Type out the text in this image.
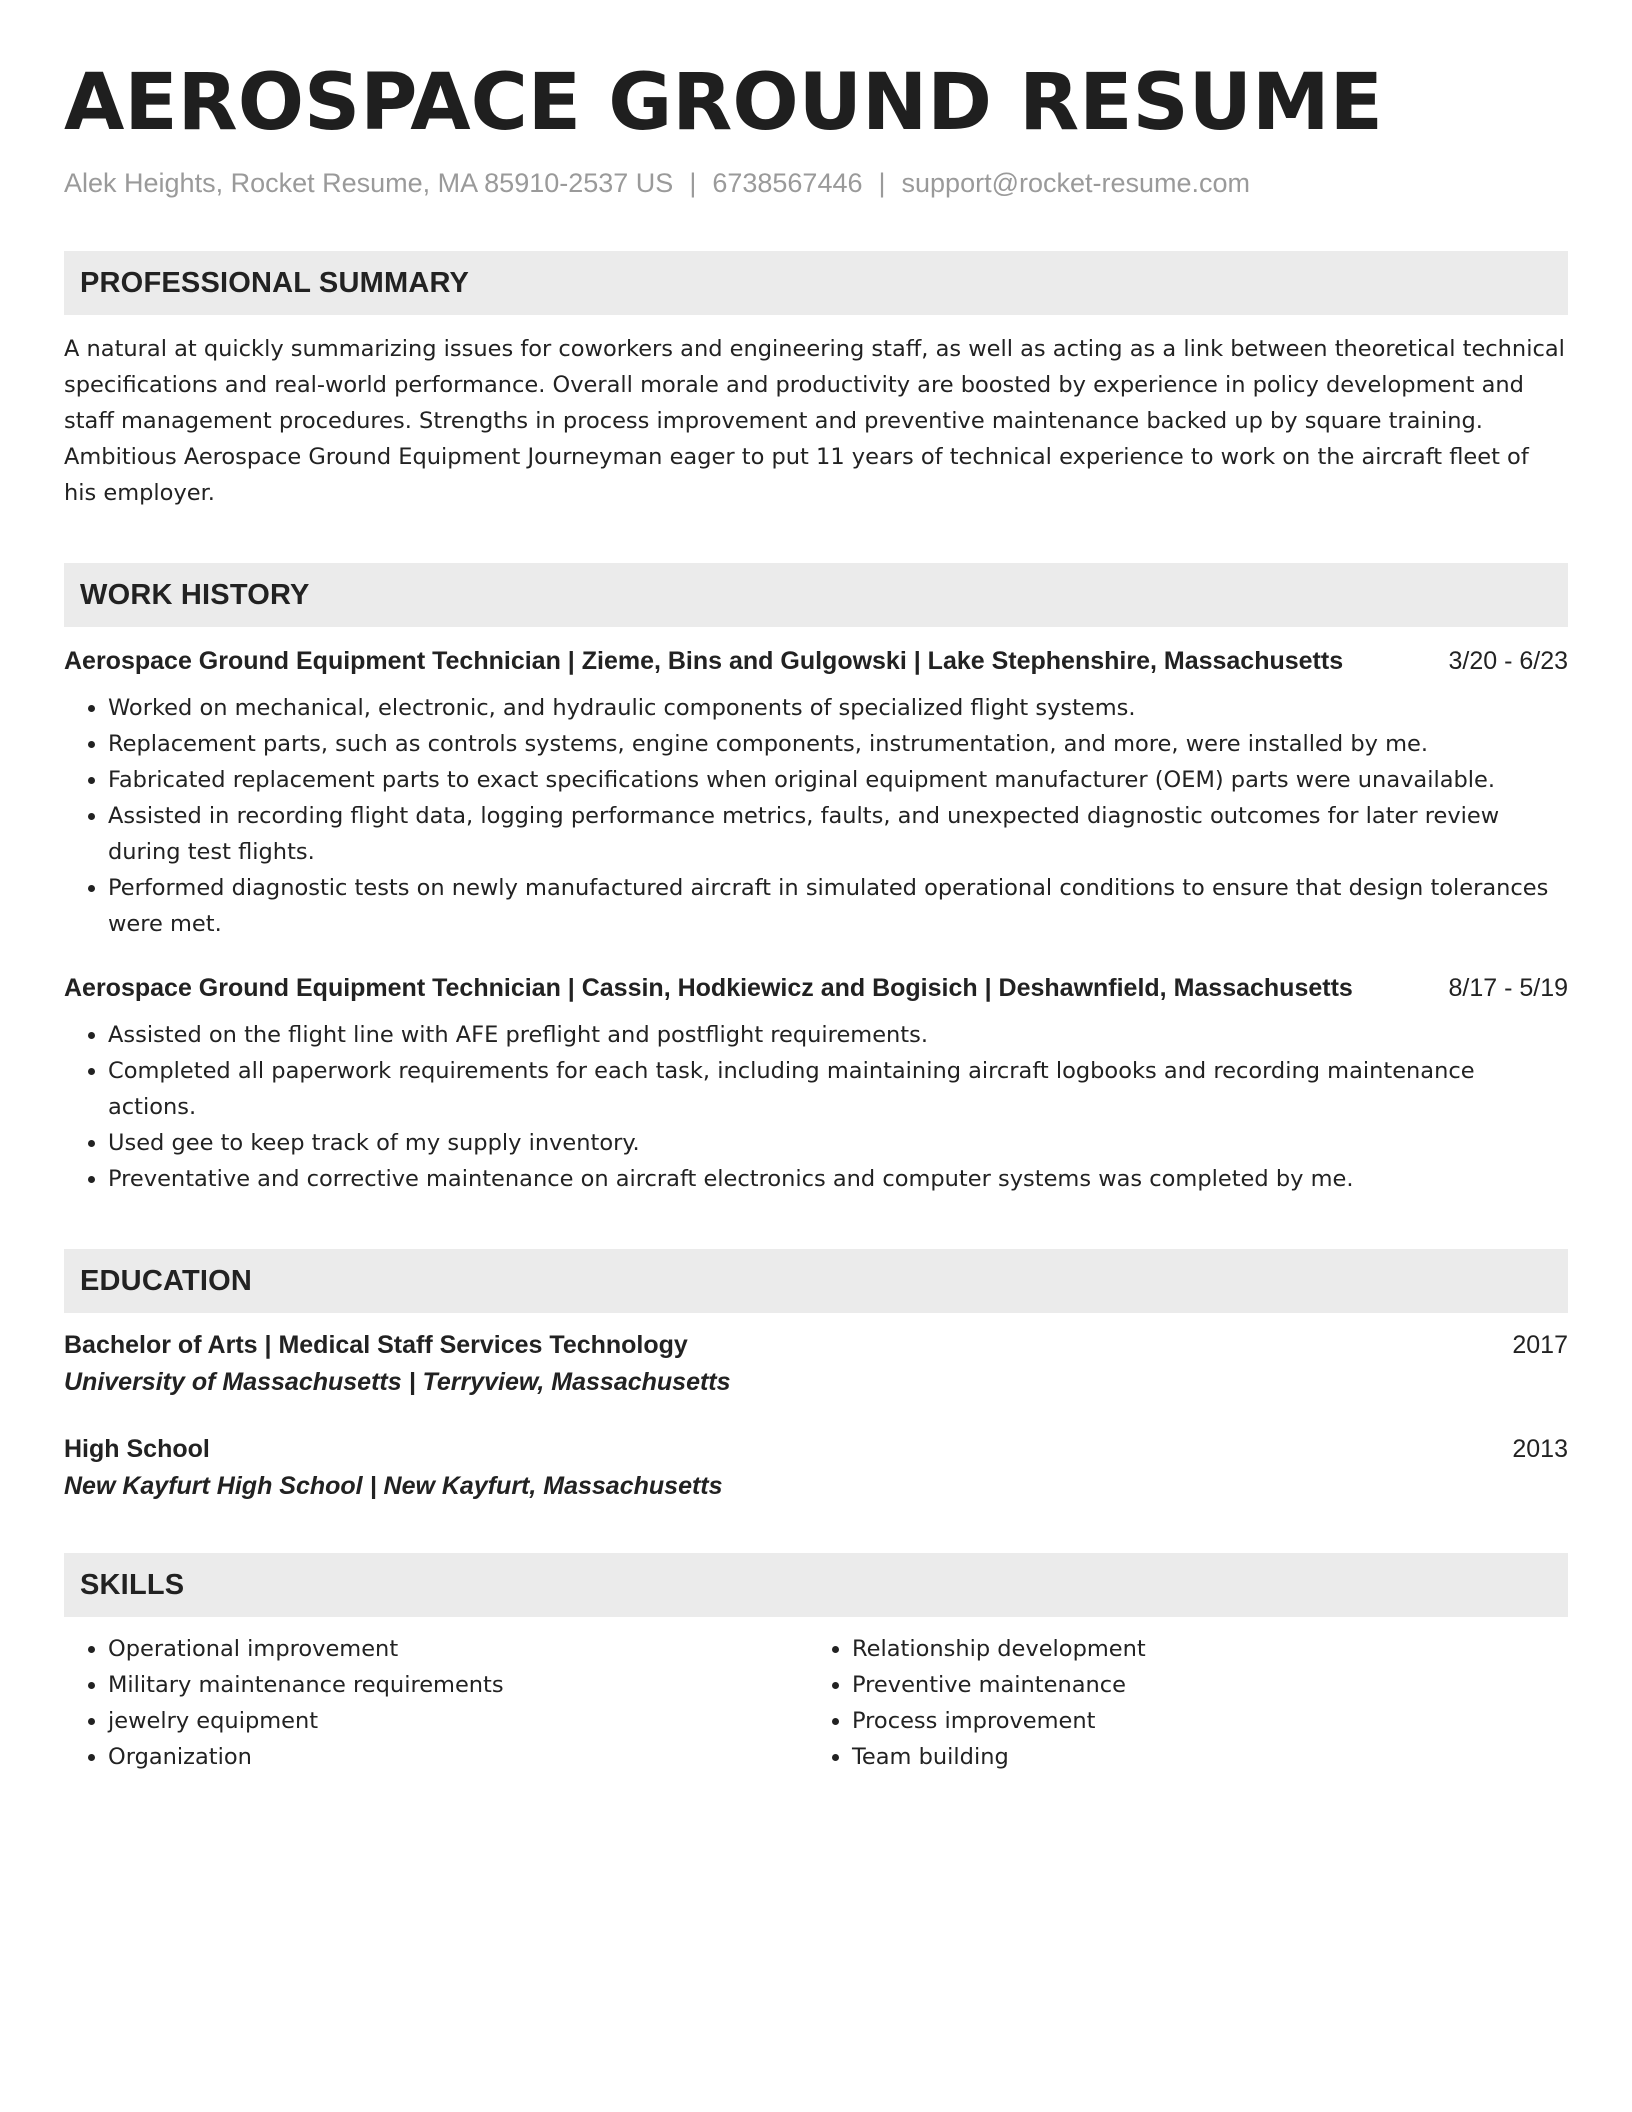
AEROSPACE GROUND RESUME
Alek Heights, Rocket Resume, MA 85910-2537 US | 6738567446 | support@rocket-resume.com
PROFESSIONAL SUMMARY
A natural at quickly summarizing issues for coworkers and engineering staff, as well as acting as a link between theoretical technical specifications and real-world performance. Overall morale and productivity are boosted by experience in policy development and staff management procedures. Strengths in process improvement and preventive maintenance backed up by square training. Ambitious Aerospace Ground Equipment Journeyman eager to put 11 years of technical experience to work on the aircraft fleet of his employer.
WORK HISTORY
Aerospace Ground Equipment Technician | Zieme, Bins and Gulgowski | Lake Stephenshire, Massachusetts	3/20 - 6/23
• Worked on mechanical, electronic, and hydraulic components of specialized flight systems.
• Replacement parts, such as controls systems, engine components, instrumentation, and more, were installed by me.
• Fabricated replacement parts to exact specifications when original equipment manufacturer (OEM) parts were unavailable.
• Assisted in recording flight data, logging performance metrics, faults, and unexpected diagnostic outcomes for later review during test flights.
• Performed diagnostic tests on newly manufactured aircraft in simulated operational conditions to ensure that design tolerances were met.
Aerospace Ground Equipment Technician | Cassin, Hodkiewicz and Bogisich | Deshawnfield, Massachusetts	8/17 - 5/19
• Assisted on the flight line with AFE preflight and postflight requirements.
• Completed all paperwork requirements for each task, including maintaining aircraft logbooks and recording maintenance actions.
• Used gee to keep track of my supply inventory.
• Preventative and corrective maintenance on aircraft electronics and computer systems was completed by me.
EDUCATION
Bachelor of Arts | Medical Staff Services Technology	2017
University of Massachusetts | Terryview, Massachusetts
High School	2013
New Kayfurt High School | New Kayfurt, Massachusetts
SKILLS
• Operational improvement
• Military maintenance requirements
• jewelry equipment
• Organization
• Relationship development
• Preventive maintenance
• Process improvement
• Team building
